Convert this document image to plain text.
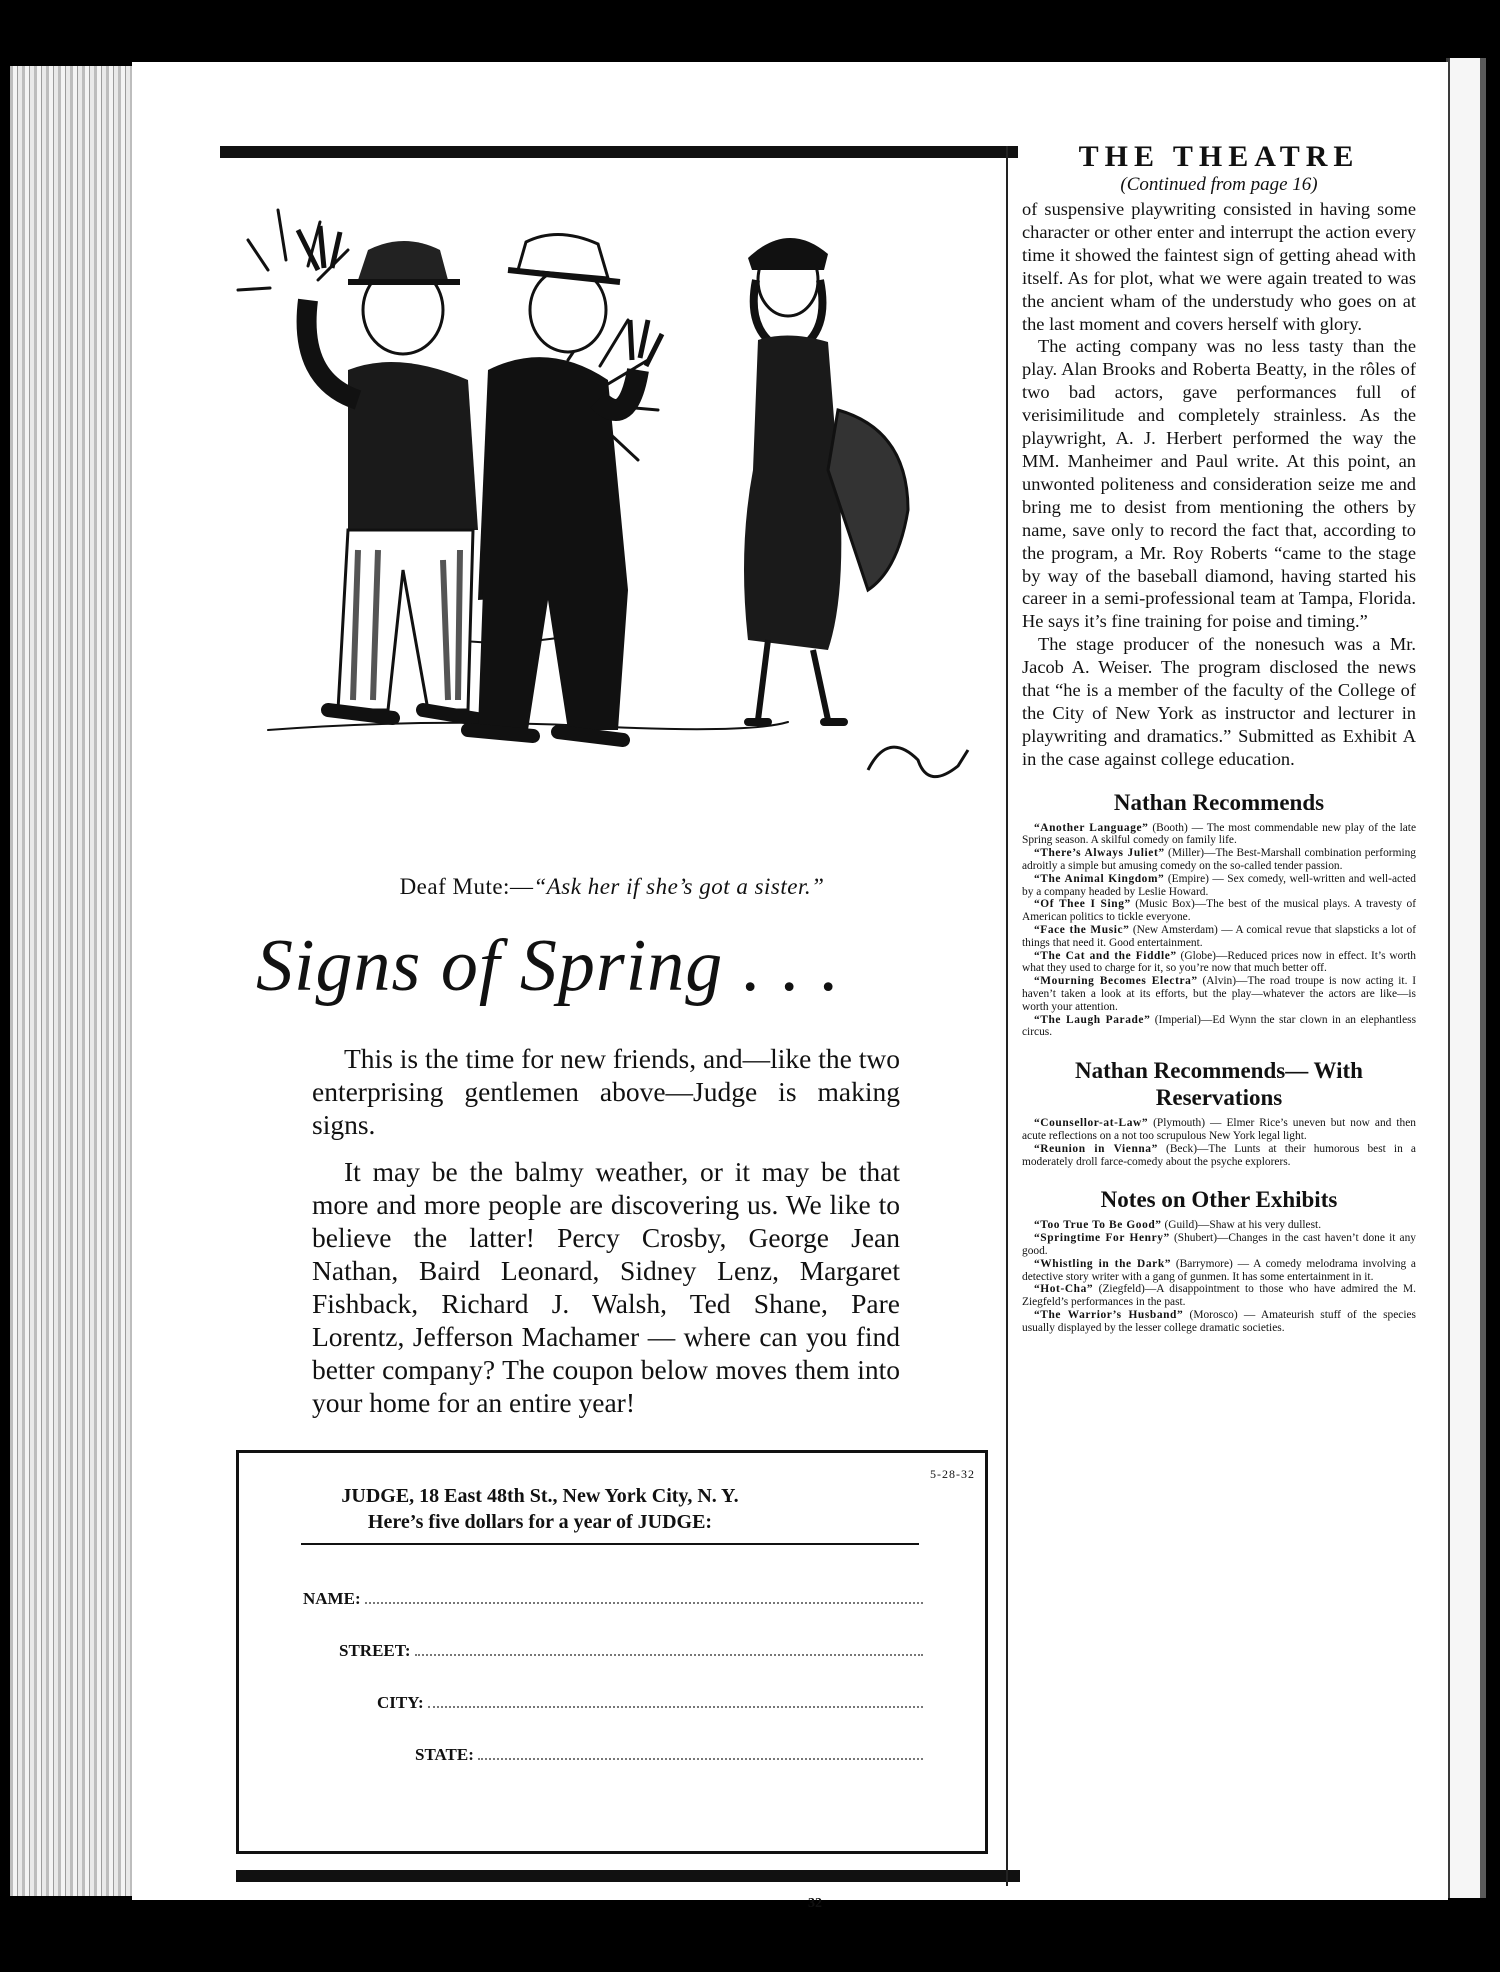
Deaf Mute:—“Ask her if she’s got a sister.”
Signs of Spring . . .

This is the time for new friends, and—like the two enterprising gentlemen above—Judge is making signs.

It may be the balmy weather, or it may be that more and more people are discovering us. We like to believe the latter! Percy Crosby, George Jean Nathan, Baird Leonard, Sidney Lenz, Margaret Fishback, Richard J. Walsh, Ted Shane, Pare Lorentz, Jefferson Machamer — where can you find better company? The coupon below moves them into your home for an entire year!

5-28-32
JUDGE, 18 East 48th St., New York City, N. Y.
Here’s five dollars for a year of JUDGE:
NAME:
STREET:
CITY:
STATE:
32
THE THEATRE
(Continued from page 16)

of suspensive playwriting consisted in having some character or other enter and interrupt the action every time it showed the faintest sign of getting ahead with itself. As for plot, what we were again treated to was the ancient wham of the understudy who goes on at the last moment and covers herself with glory.

The acting company was no less tasty than the play. Alan Brooks and Roberta Beatty, in the rôles of two bad actors, gave performances full of verisimilitude and completely strainless. As the playwright, A. J. Herbert performed the way the MM. Manheimer and Paul write. At this point, an unwonted politeness and consideration seize me and bring me to desist from mentioning the others by name, save only to record the fact that, according to the program, a Mr. Roy Roberts “came to the stage by way of the baseball diamond, having started his career in a semi-professional team at Tampa, Florida. He says it’s fine training for poise and timing.”

The stage producer of the nonesuch was a Mr. Jacob A. Weiser. The program disclosed the news that “he is a member of the faculty of the College of the City of New York as instructor and lecturer in playwriting and dramatics.” Submitted as Exhibit A in the case against college education.

Nathan Recommends

“Another Language” (Booth) — The most commendable new play of the late Spring season. A skilful comedy on family life.

“There’s Always Juliet” (Miller)—The Best-Marshall combination performing adroitly a simple but amusing comedy on the so-called tender passion.

“The Animal Kingdom” (Empire) — Sex comedy, well-written and well-acted by a company headed by Leslie Howard.

“Of Thee I Sing” (Music Box)—The best of the musical plays. A travesty of American politics to tickle everyone.

“Face the Music” (New Amsterdam) — A comical revue that slapsticks a lot of things that need it. Good entertainment.

“The Cat and the Fiddle” (Globe)—Reduced prices now in effect. It’s worth what they used to charge for it, so you’re now that much better off.

“Mourning Becomes Electra” (Alvin)—The road troupe is now acting it. I haven’t taken a look at its efforts, but the play—whatever the actors are like—is worth your attention.

“The Laugh Parade” (Imperial)—Ed Wynn the star clown in an elephantless circus.

Nathan Recommends— With Reservations

“Counsellor-at-Law” (Plymouth) — Elmer Rice’s uneven but now and then acute reflections on a not too scrupulous New York legal light.

“Reunion in Vienna” (Beck)—The Lunts at their humorous best in a moderately droll farce-comedy about the psyche explorers.

Notes on Other Exhibits

“Too True To Be Good” (Guild)—Shaw at his very dullest.

“Springtime For Henry” (Shubert)—Changes in the cast haven’t done it any good.

“Whistling in the Dark” (Barrymore) — A comedy melodrama involving a detective story writer with a gang of gunmen. It has some entertainment in it.

“Hot-Cha” (Ziegfeld)—A disappointment to those who have admired the M. Ziegfeld’s performances in the past.

“The Warrior’s Husband” (Morosco) — Amateurish stuff of the species usually displayed by the lesser college dramatic societies.
